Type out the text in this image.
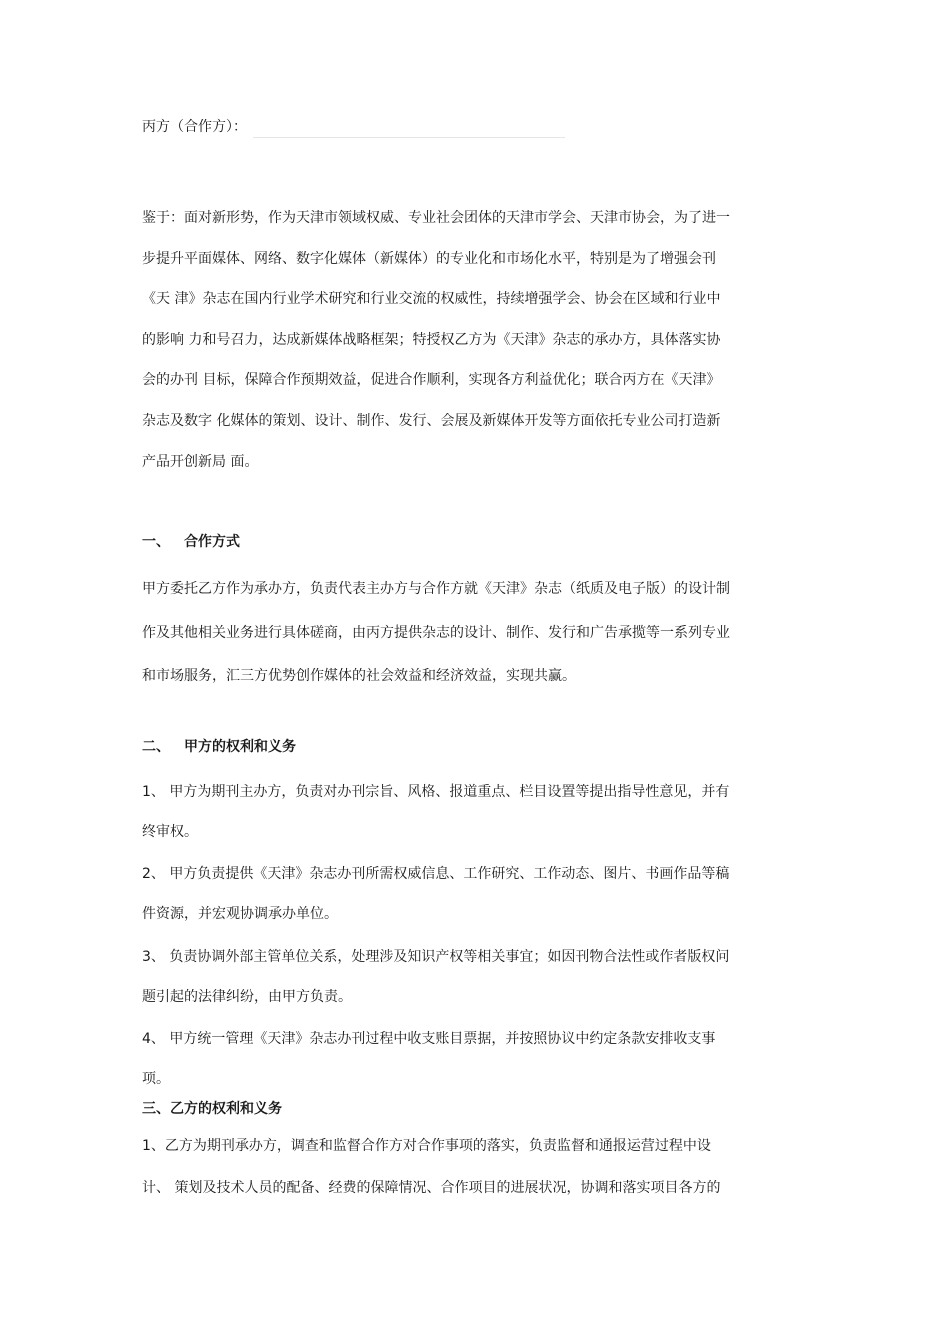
丙方（合作方）：

鉴于：面对新形势，作为天津市领域权威、专业社会团体的天津市学会、天津市协会，为了进一
步提升平面媒体、网络、数字化媒体（新媒体）的专业化和市场化水平，特别是为了增强会刊
《天 津》杂志在国内行业学术研究和行业交流的权威性，持续增强学会、协会在区域和行业中
的影响 力和号召力，达成新媒体战略框架；特授权乙方为《天津》杂志的承办方，具体落实协
会的办刊 目标，保障合作预期效益，促进合作顺利，实现各方利益优化；联合丙方在《天津》
杂志及数字 化媒体的策划、设计、制作、发行、会展及新媒体开发等方面依托专业公司打造新
产品开创新局 面。

一、 合作方式

甲方委托乙方作为承办方，负责代表主办方与合作方就《天津》杂志（纸质及电子版）的设计制
作及其他相关业务进行具体磋商，由丙方提供杂志的设计、制作、发行和广告承揽等一系列专业
和市场服务，汇三方优势创作媒体的社会效益和经济效益，实现共赢。

二、 甲方的权利和义务

1、 甲方为期刊主办方，负责对办刊宗旨、风格、报道重点、栏目设置等提出指导性意见，并有
终审权。

2、 甲方负责提供《天津》杂志办刊所需权威信息、工作研究、工作动态、图片、书画作品等稿
件资源，并宏观协调承办单位。

3、 负责协调外部主管单位关系，处理涉及知识产权等相关事宜；如因刊物合法性或作者版权问
题引起的法律纠纷，由甲方负责。

4、 甲方统一管理《天津》杂志办刊过程中收支账目票据，并按照协议中约定条款安排收支事
项。

三、乙方的权利和义务

1、乙方为期刊承办方，调查和监督合作方对合作事项的落实，负责监督和通报运营过程中设
计、 策划及技术人员的配备、经费的保障情况、合作项目的进展状况，协调和落实项目各方的
